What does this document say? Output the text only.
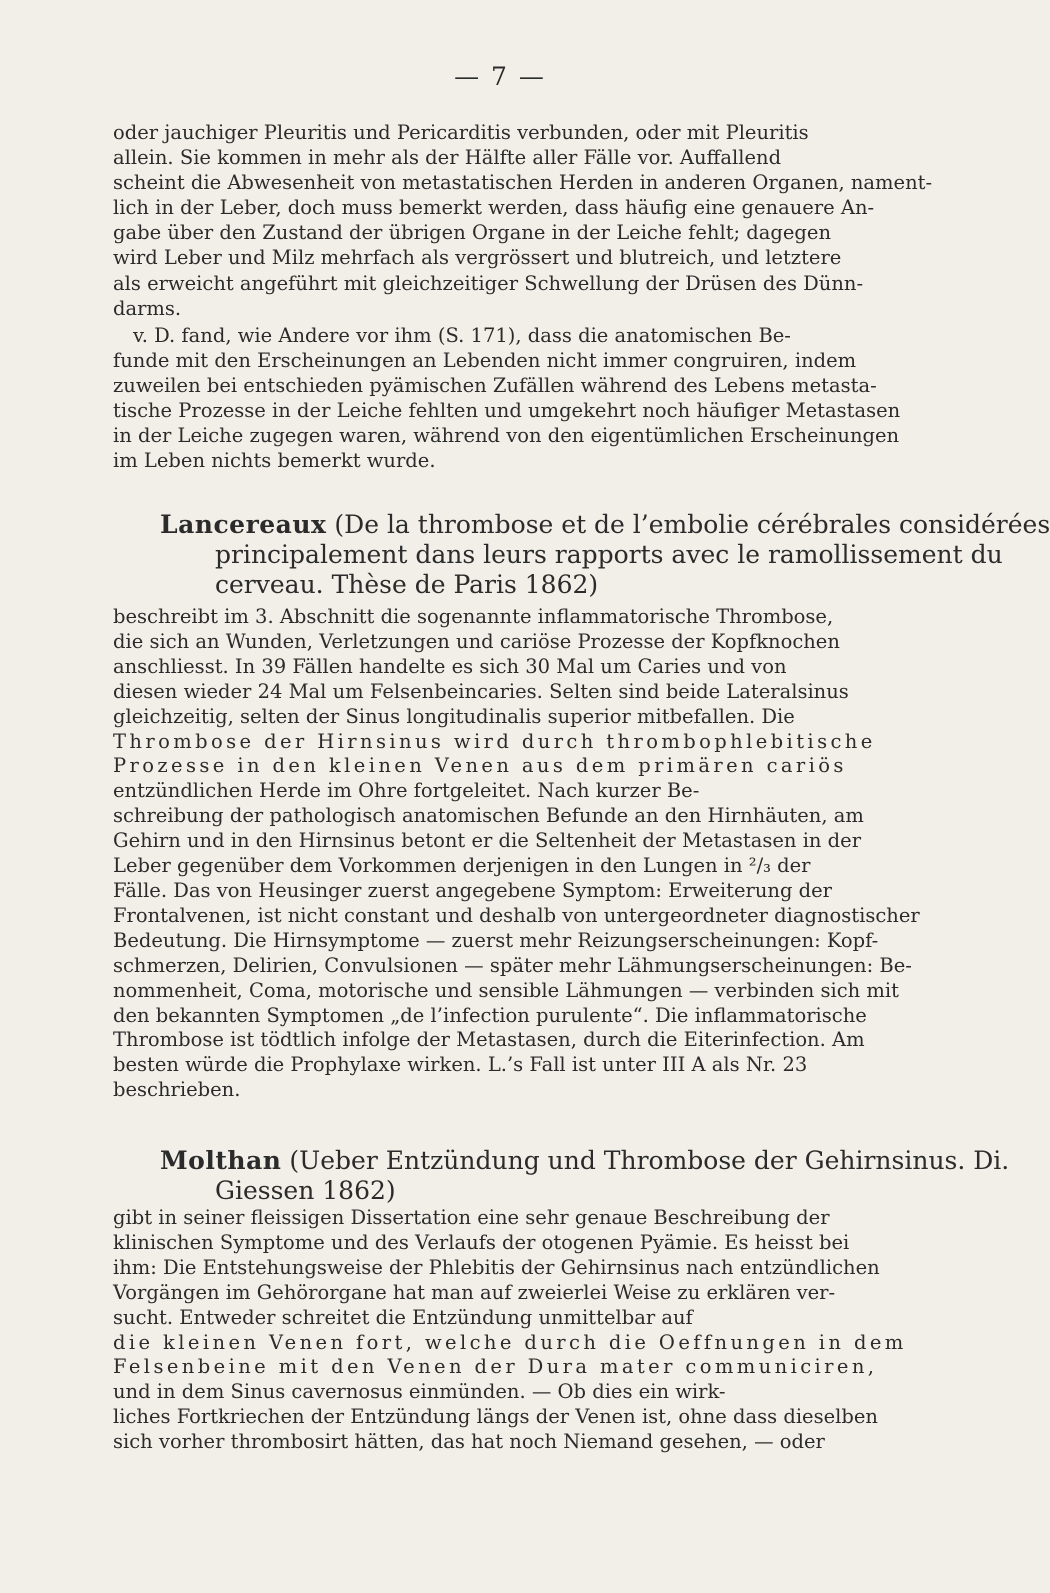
— 7 —
oder jauchiger Pleuritis und Pericarditis verbunden, oder mit Pleuritis
allein. Sie kommen in mehr als der Hälfte aller Fälle vor. Auffallend
scheint die Abwesenheit von metastatischen Herden in anderen Organen, nament-
lich in der Leber, doch muss bemerkt werden, dass häufig eine genauere An-
gabe über den Zustand der übrigen Organe in der Leiche fehlt; dagegen
wird Leber und Milz mehrfach als vergrössert und blutreich, und letztere
als erweicht angeführt mit gleichzeitiger Schwellung der Drüsen des Dünn-
darms.
v. D. fand, wie Andere vor ihm (S. 171), dass die anatomischen Be-
funde mit den Erscheinungen an Lebenden nicht immer congruiren, indem
zuweilen bei entschieden pyämischen Zufällen während des Lebens metasta-
tische Prozesse in der Leiche fehlten und umgekehrt noch häufiger Metastasen
in der Leiche zugegen waren, während von den eigentümlichen Erscheinungen
im Leben nichts bemerkt wurde.
Lancereaux (De la thrombose et de l’embolie cérébrales considérées
principalement dans leurs rapports avec le ramollissement du
cerveau. Thèse de Paris 1862)
beschreibt im 3. Abschnitt die sogenannte inflammatorische Thrombose,
die sich an Wunden, Verletzungen und cariöse Prozesse der Kopfknochen
anschliesst. In 39 Fällen handelte es sich 30 Mal um Caries und von
diesen wieder 24 Mal um Felsenbeincaries. Selten sind beide Lateralsinus
gleichzeitig, selten der Sinus longitudinalis superior mitbefallen. Die
Thrombose der Hirnsinus wird durch thrombophlebitische
Prozesse in den kleinen Venen aus dem primären cariös
entzündlichen Herde im Ohre fortgeleitet. Nach kurzer Be-
schreibung der pathologisch anatomischen Befunde an den Hirnhäuten, am
Gehirn und in den Hirnsinus betont er die Seltenheit der Metastasen in der
Leber gegenüber dem Vorkommen derjenigen in den Lungen in ²/₃ der
Fälle. Das von Heusinger zuerst angegebene Symptom: Erweiterung der
Frontalvenen, ist nicht constant und deshalb von untergeordneter diagnostischer
Bedeutung. Die Hirnsymptome — zuerst mehr Reizungserscheinungen: Kopf-
schmerzen, Delirien, Convulsionen — später mehr Lähmungserscheinungen: Be-
nommenheit, Coma, motorische und sensible Lähmungen — verbinden sich mit
den bekannten Symptomen „de l’infection purulente“. Die inflammatorische
Thrombose ist tödtlich infolge der Metastasen, durch die Eiterinfection. Am
besten würde die Prophylaxe wirken. L.’s Fall ist unter III A als Nr. 23
beschrieben.
Molthan (Ueber Entzündung und Thrombose der Gehirnsinus. Di.
Giessen 1862)
gibt in seiner fleissigen Dissertation eine sehr genaue Beschreibung der
klinischen Symptome und des Verlaufs der otogenen Pyämie. Es heisst bei
ihm: Die Entstehungsweise der Phlebitis der Gehirnsinus nach entzündlichen
Vorgängen im Gehörorgane hat man auf zweierlei Weise zu erklären ver-
sucht. Entweder schreitet die Entzündung unmittelbar auf
die kleinen Venen fort, welche durch die Oeffnungen in dem
Felsenbeine mit den Venen der Dura mater communiciren,
und in dem Sinus cavernosus einmünden. — Ob dies ein wirk-
liches Fortkriechen der Entzündung längs der Venen ist, ohne dass dieselben
sich vorher thrombosirt hätten, das hat noch Niemand gesehen, — oder
